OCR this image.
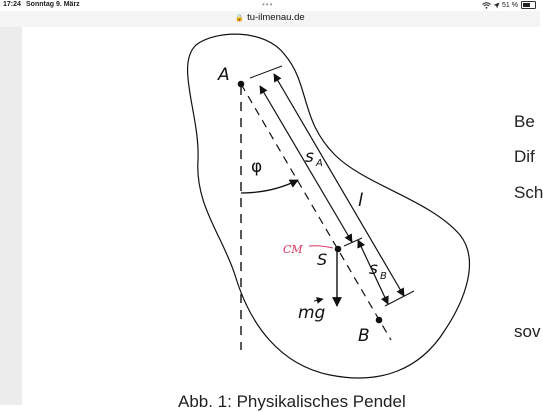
17:24 Sonntag 9. März	•••	51 %
🔒 tu-ilmenau.de
A
B
S
φ
l
s A
s B
mg
CM
Be
Dif
Sch
sov
Abb. 1: Physikalisches Pendel
